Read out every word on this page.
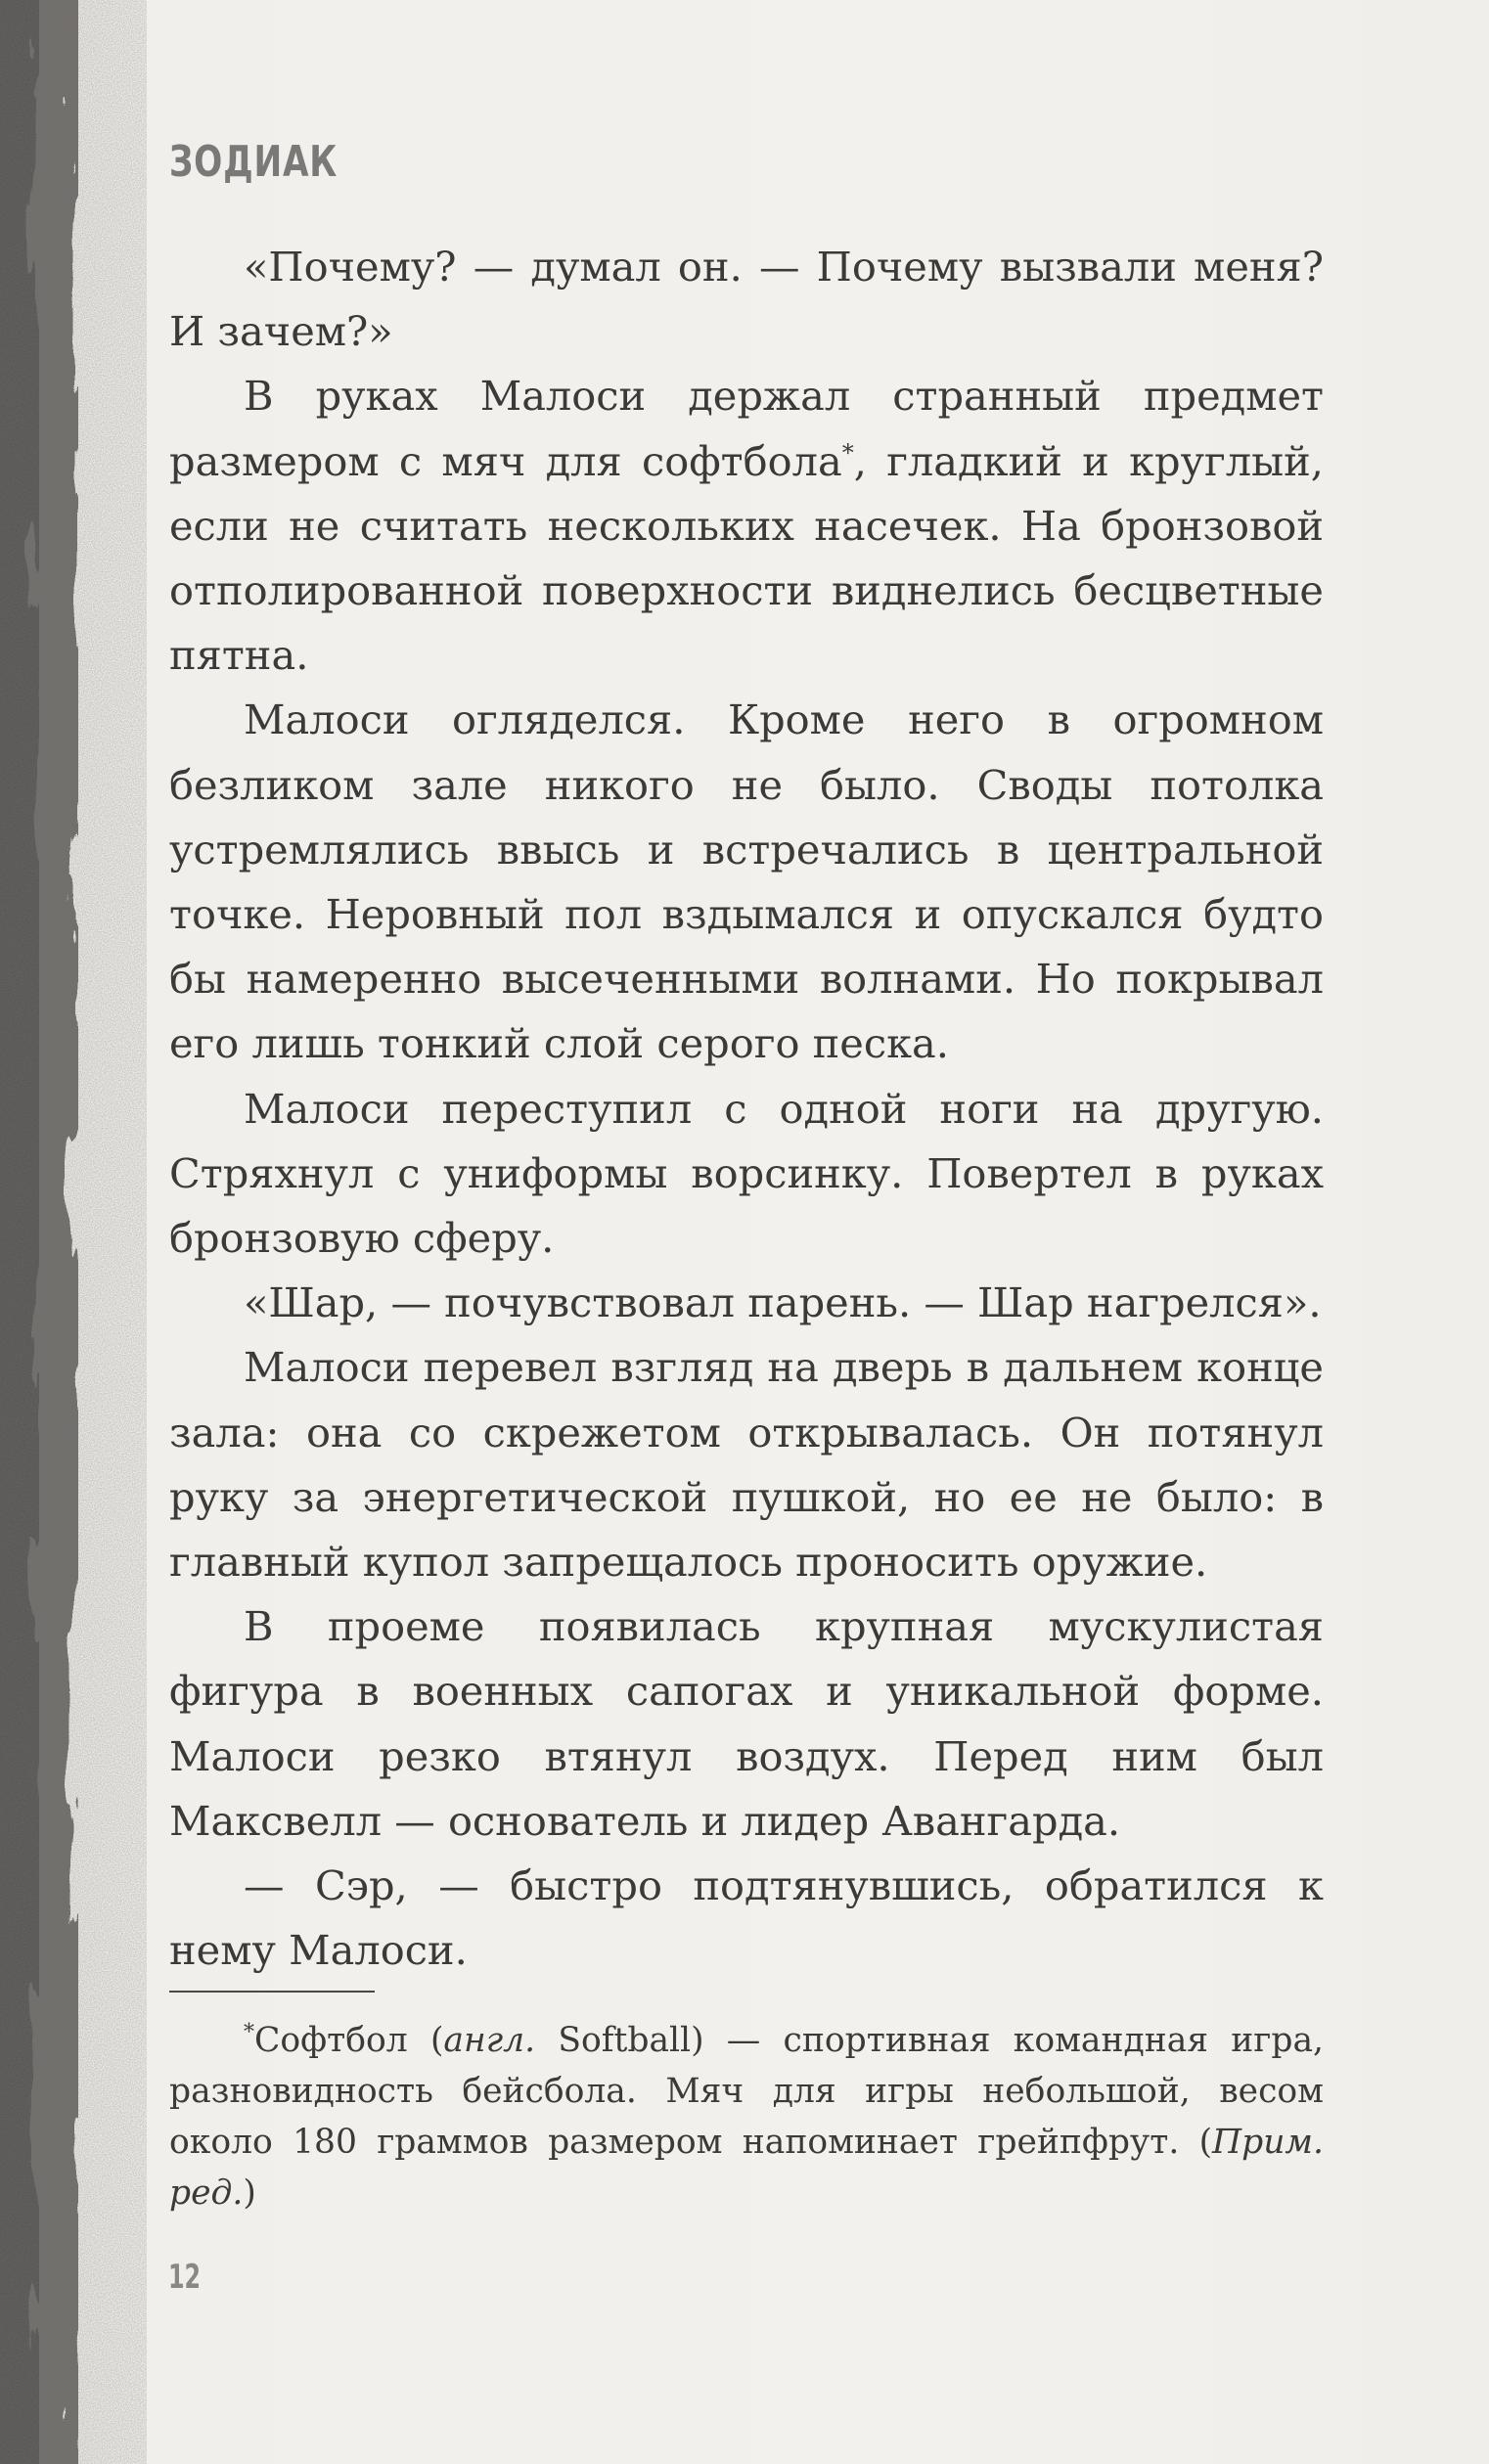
ЗОДИАК

«Почему? — думал он. — Почему вызвали меня? И зачем?»

В руках Малоси держал странный предмет размером с мяч для софтбола*, гладкий и круглый, если не считать нескольких насечек. На бронзовой отполированной поверхности виднелись бесцветные пятна.

Малоси огляделся. Кроме него в огромном безликом зале никого не было. Своды потолка устремлялись ввысь и встречались в центральной точке. Неровный пол вздымался и опускался будто бы намеренно высеченными волнами. Но покрывал его лишь тонкий слой серого песка.

Малоси переступил с одной ноги на другую. Стряхнул с униформы ворсинку. Повертел в руках бронзовую сферу.

«Шар, — почувствовал парень. — Шар нагрелся».

Малоси перевел взгляд на дверь в дальнем конце зала: она со скрежетом открывалась. Он потянул руку за энергетической пушкой, но ее не было: в главный купол запрещалось проносить оружие.

В проеме появилась крупная мускулистая фигура в военных сапогах и уникальной форме. Малоси резко втянул воздух. Перед ним был Максвелл — основатель и лидер Авангарда.

— Сэр, — быстро подтянувшись, обратился к нему Малоси.

*Софтбол (англ. Softball) — спортивная командная игра, разновидность бейсбола. Мяч для игры небольшой, весом около 180 граммов размером напоминает грейпфрут. (Прим. ред.)

12
